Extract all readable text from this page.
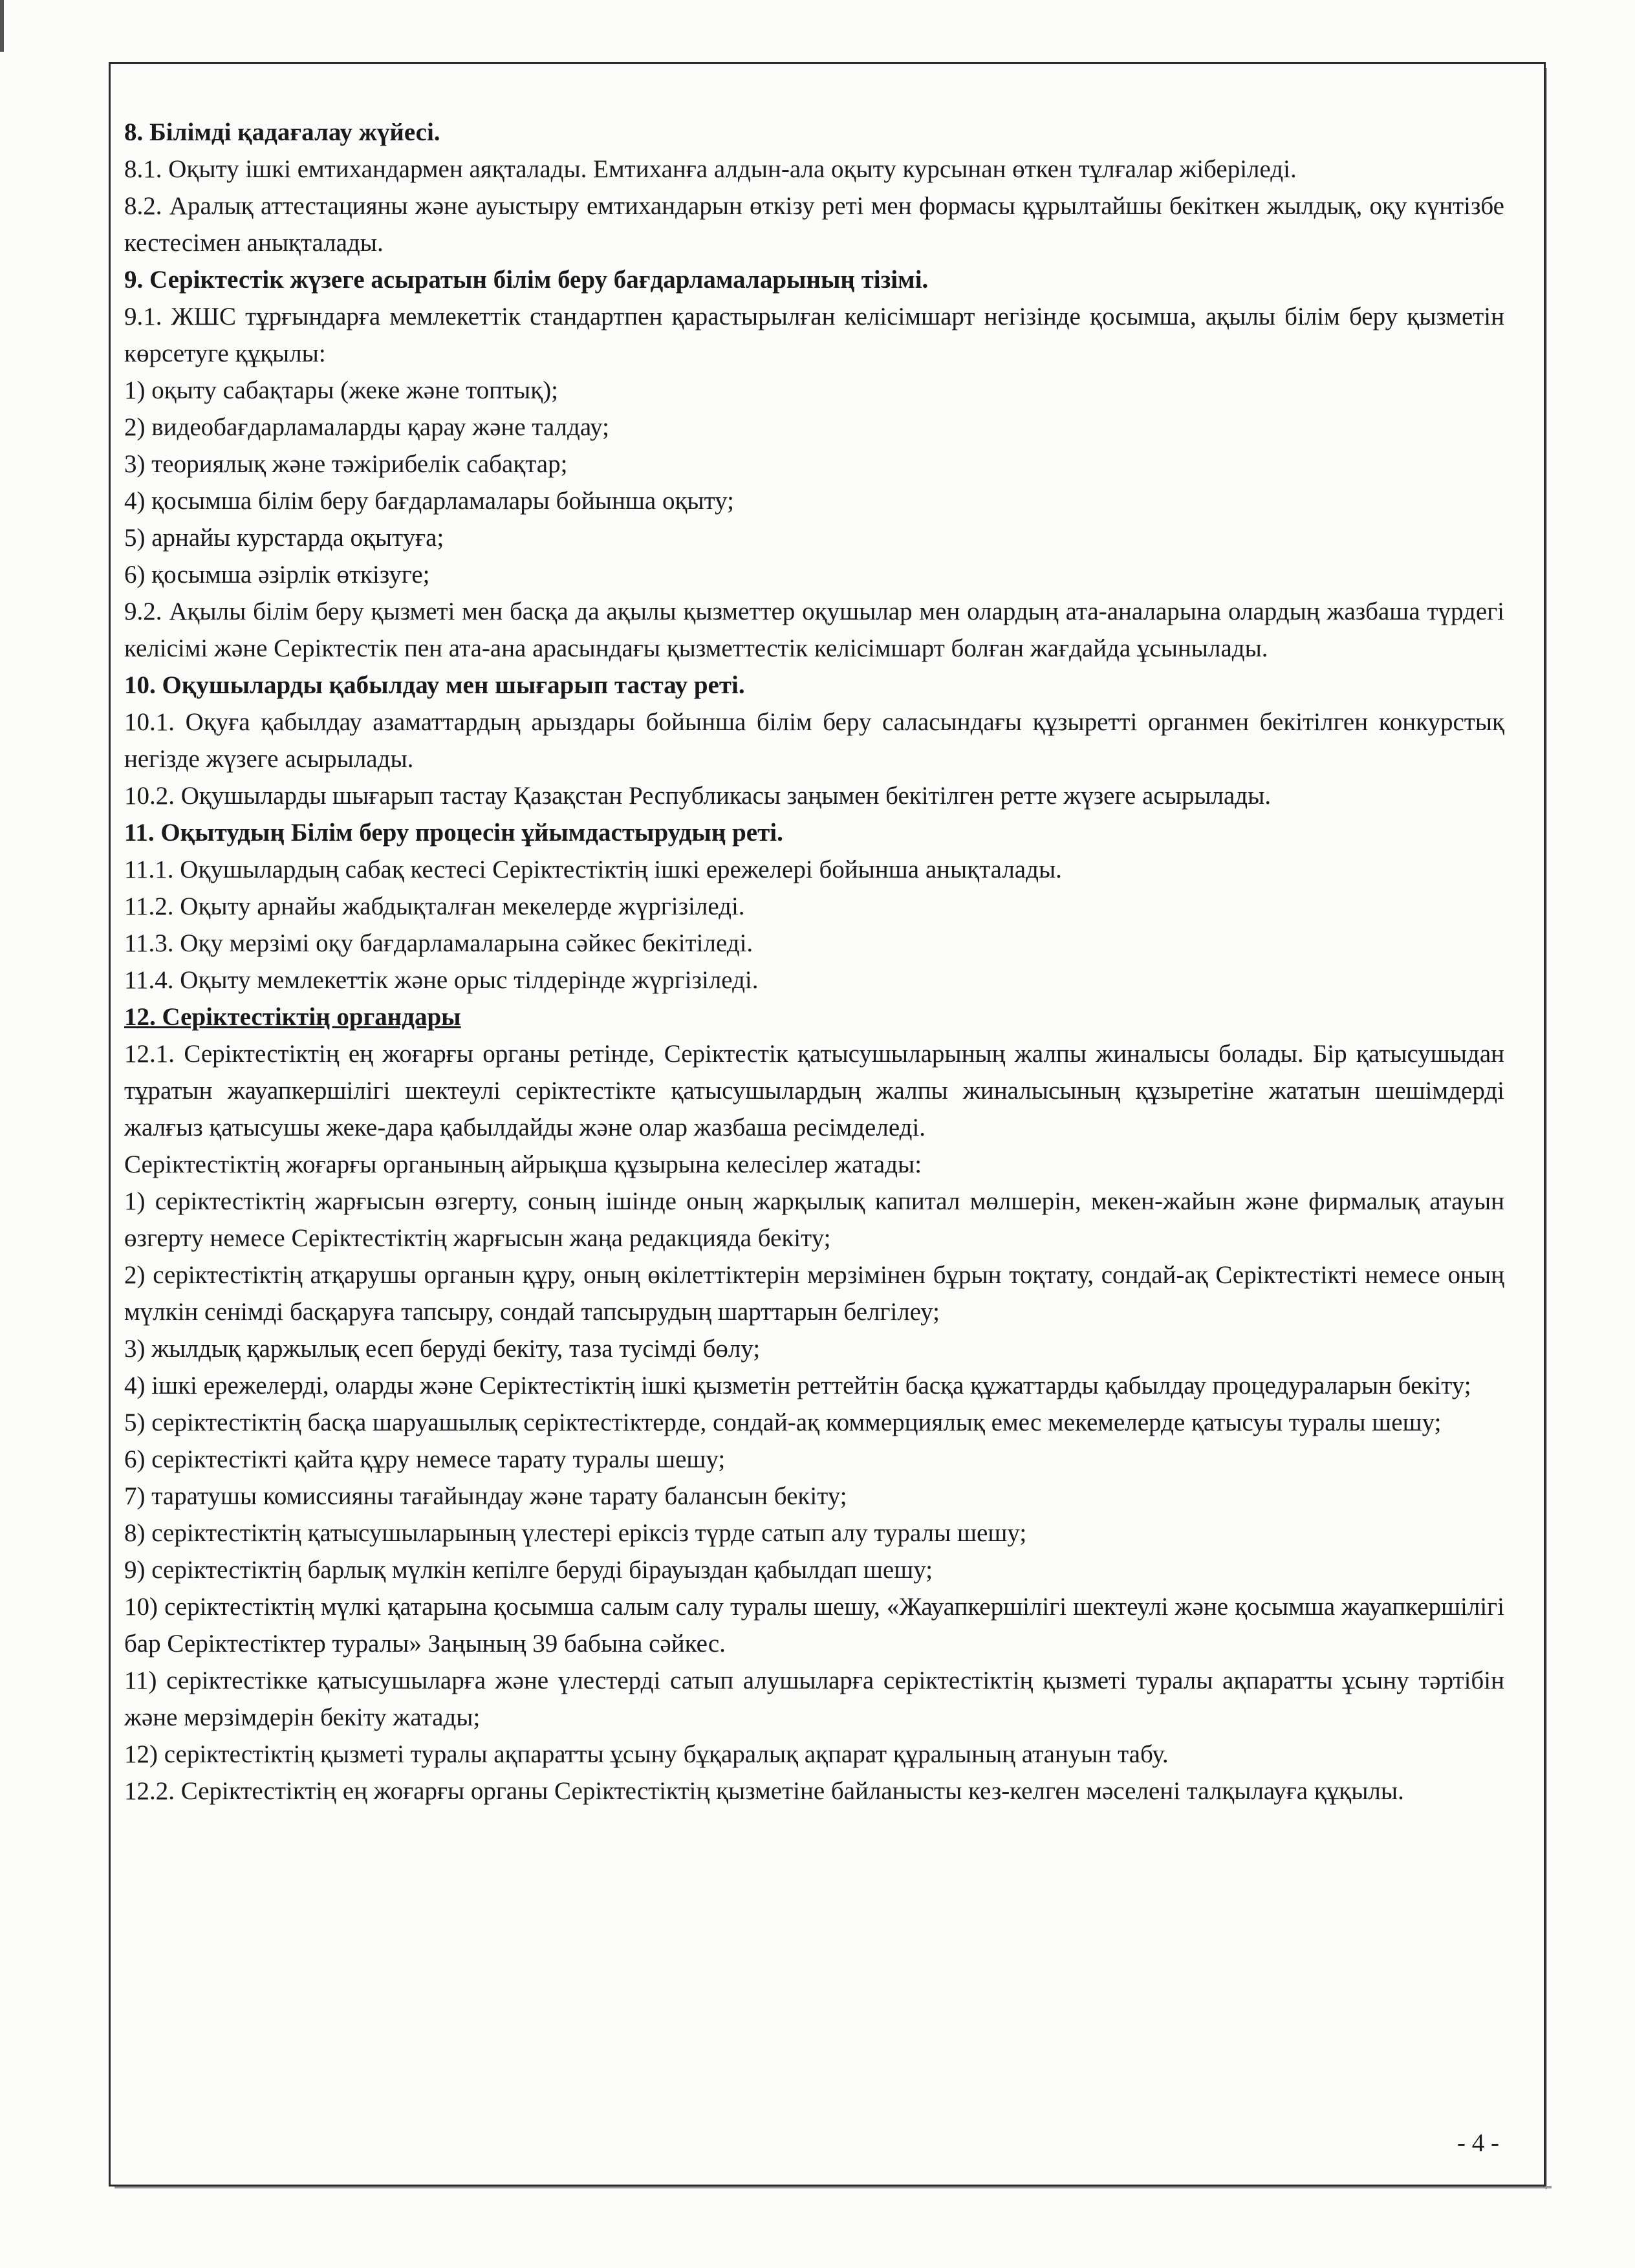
8. Білімді қадағалау жүйесі.

8.1. Оқыту ішкі емтихандармен аяқталады. Емтиханға алдын-ала оқыту курсынан өткен тұлғалар жіберіледі.

8.2. Аралық аттестацияны және ауыстыру емтихандарын өткізу реті мен формасы құрылтайшы бекіткен жылдық, оқу күнтізбе кестесімен анықталады.

9. Серіктестік жүзеге асыратын білім беру бағдарламаларының тізімі.

9.1. ЖШС тұрғындарға мемлекеттік стандартпен қарастырылған келісімшарт негізінде қосымша, ақылы білім беру қызметін көрсетуге құқылы:

1) оқыту сабақтары (жеке және топтық);

2) видеобағдарламаларды қарау және талдау;

3) теориялық және тәжірибелік сабақтар;

4) қосымша білім беру бағдарламалары бойынша оқыту;

5) арнайы курстарда оқытуға;

6) қосымша әзірлік өткізуге;

9.2. Ақылы білім беру қызметі мен басқа да ақылы қызметтер оқушылар мен олардың ата-аналарына олардың жазбаша түрдегі келісімі және Серіктестік пен ата-ана арасындағы қызметтестік келісімшарт болған жағдайда ұсынылады.

10. Оқушыларды қабылдау мен шығарып тастау реті.

10.1. Оқуға қабылдау азаматтардың арыздары бойынша білім беру саласындағы құзыретті органмен бекітілген конкурстық негізде жүзеге асырылады.

10.2. Оқушыларды шығарып тастау Қазақстан Республикасы заңымен бекітілген ретте жүзеге асырылады.

11. Оқытудың Білім беру процесін ұйымдастырудың реті.

11.1. Оқушылардың сабақ кестесі Серіктестіктің ішкі ережелері бойынша анықталады.

11.2. Оқыту арнайы жабдықталған мекелерде жүргізіледі.

11.3. Оқу мерзімі оқу бағдарламаларына сәйкес бекітіледі.

11.4. Оқыту мемлекеттік және орыс тілдерінде жүргізіледі.

12. Серіктестіктің органдары

12.1. Серіктестіктің ең жоғарғы органы ретінде, Серіктестік қатысушыларының жалпы жиналысы болады. Бір қатысушыдан тұратын жауапкершілігі шектеулі серіктестікте қатысушылардың жалпы жиналысының құзыретіне жататын шешімдерді жалғыз қатысушы жеке-дара қабылдайды және олар жазбаша ресімделеді.

Серіктестіктің жоғарғы органының айрықша құзырына келесілер жатады:

1) серіктестіктің жарғысын өзгерту, соның ішінде оның жарқылық капитал мөлшерін, мекен-жайын және фирмалық атауын өзгерту немесе Серіктестіктің жарғысын жаңа редакцияда бекіту;

2) серіктестіктің атқарушы органын құру, оның өкілеттіктерін мерзімінен бұрын тоқтату, сондай-ақ Серіктестікті немесе оның мүлкін сенімді басқаруға тапсыру, сондай тапсырудың шарттарын белгілеу;

3) жылдық қаржылық есеп беруді бекіту, таза тусімді бөлу;

4) ішкі ережелерді, оларды және Серіктестіктің ішкі қызметін реттейтін басқа құжаттарды қабылдау процедураларын бекіту;

5) серіктестіктің басқа шаруашылық серіктестіктерде, сондай-ақ коммерциялық емес мекемелерде қатысуы туралы шешу;

6) серіктестікті қайта құру немесе тарату туралы шешу;

7) таратушы комиссияны тағайындау және тарату балансын бекіту;

8) серіктестіктің қатысушыларының үлестері еріксіз түрде сатып алу туралы шешу;

9) серіктестіктің барлық мүлкін кепілге беруді бірауыздан қабылдап шешу;

10) серіктестіктің мүлкі қатарына қосымша салым салу туралы шешу, «Жауапкершілігі шектеулі және қосымша жауапкершілігі бар Серіктестіктер туралы» Заңының 39 бабына сәйкес.

11) серіктестікке қатысушыларға және үлестерді сатып алушыларға серіктестіктің қызметі туралы ақпаратты ұсыну тәртібін және мерзімдерін бекіту жатады;

12) серіктестіктің қызметі туралы ақпаратты ұсыну бұқаралық ақпарат құралының атануын табу.

12.2. Серіктестіктің ең жоғарғы органы Серіктестіктің қызметіне байланысты кез-келген мәселені талқылауға құқылы.

- 4 -
